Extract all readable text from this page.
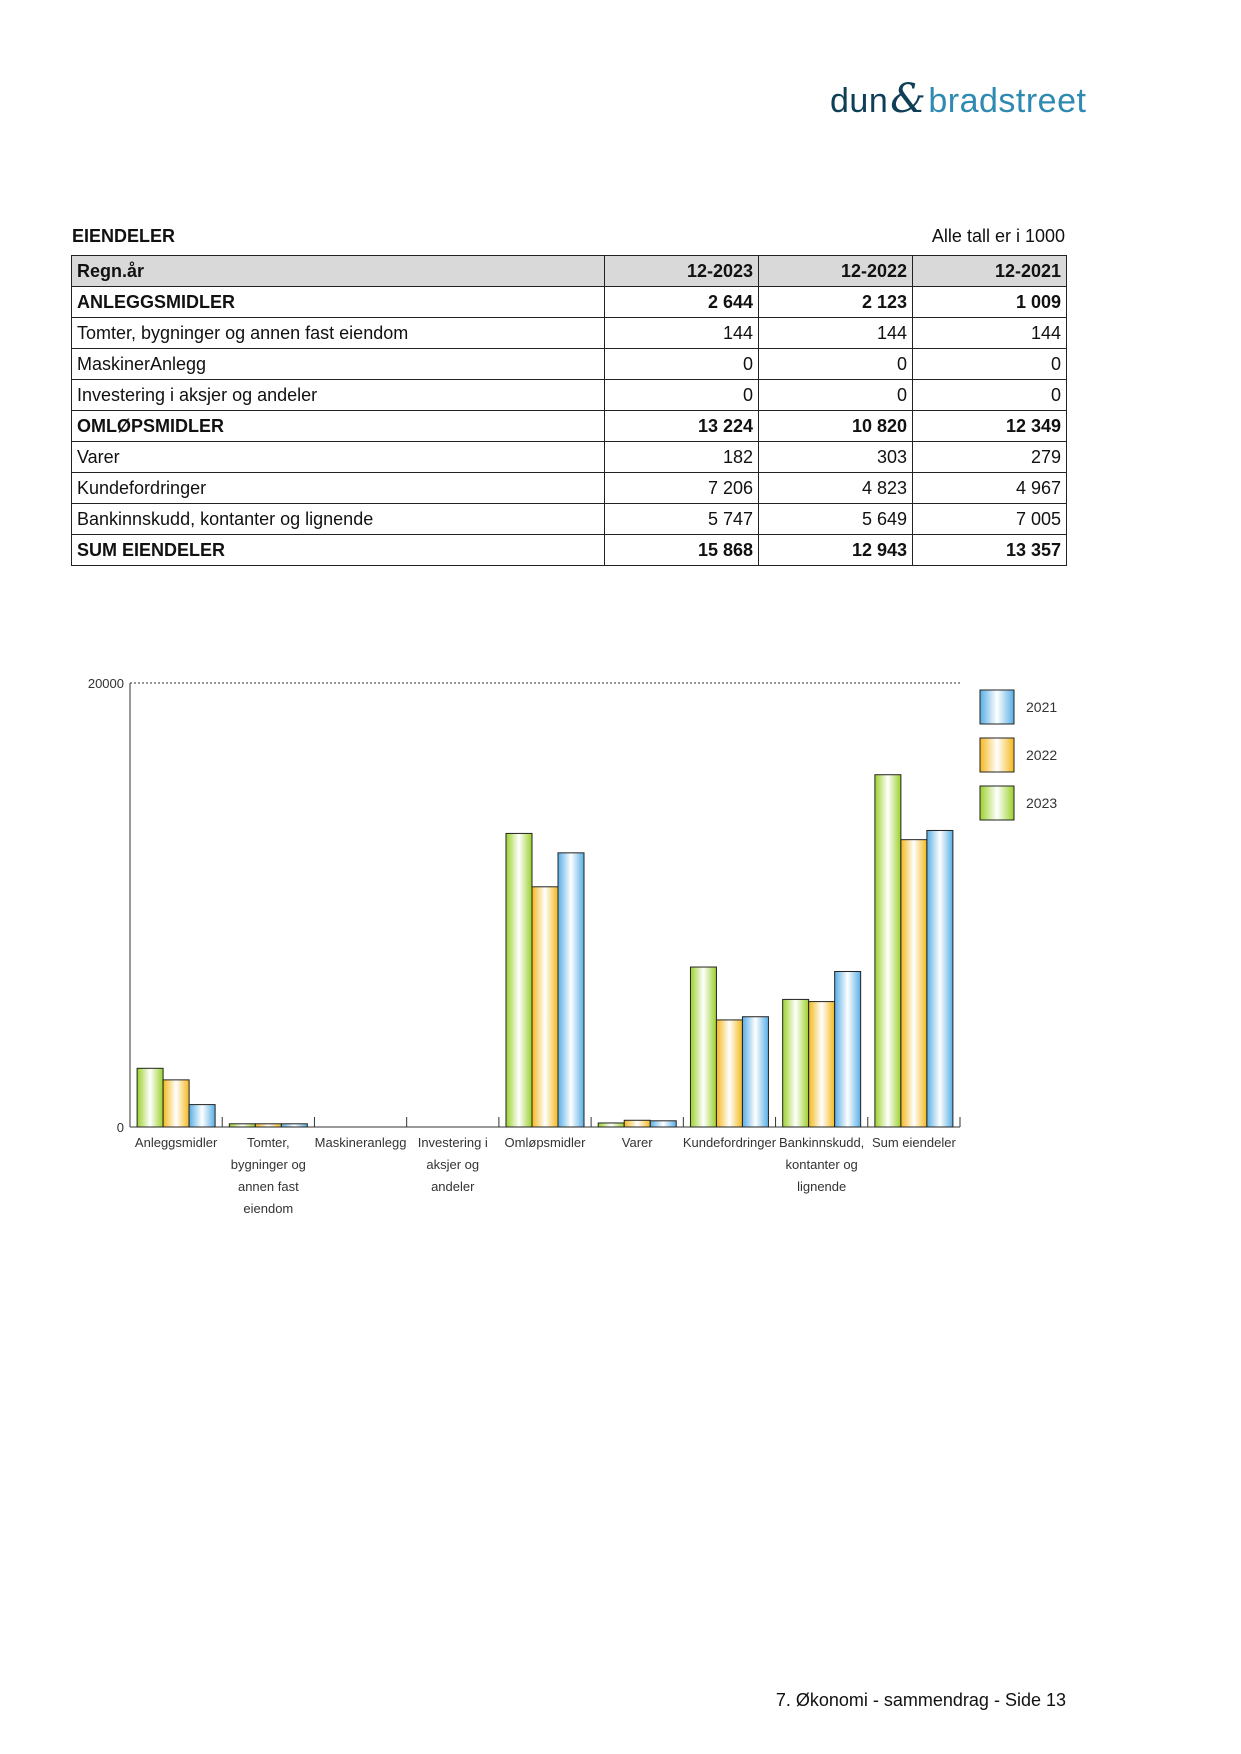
dun&bradstreet
EIENDELER	Alle tall er i 1000
Regn.år	12-2023	12-2022	12-2021
ANLEGGSMIDLER	2 644	2 123	1 009
Tomter, bygninger og annen fast eiendom	144	144	144
MaskinerAnlegg	0	0	0
Investering i aksjer og andeler	0	0	0
OMLØPSMIDLER	13 224	10 820	12 349
Varer	182	303	279
Kundefordringer	7 206	4 823	4 967
Bankinnskudd, kontanter og lignende	5 747	5 649	7 005
SUM EIENDELER	15 868	12 943	13 357
0
20000
Anleggsmidler Tomter,
bygninger og
annen fast
eiendom
Maskineranlegg Investering i
aksjer og
andeler
Omløpsmidler	Varer Kundefordringer Bankinnskudd,
kontanter og
lignende
Sum eiendeler
2021
2022
2023
7. Økonomi - sammendrag - Side 13
